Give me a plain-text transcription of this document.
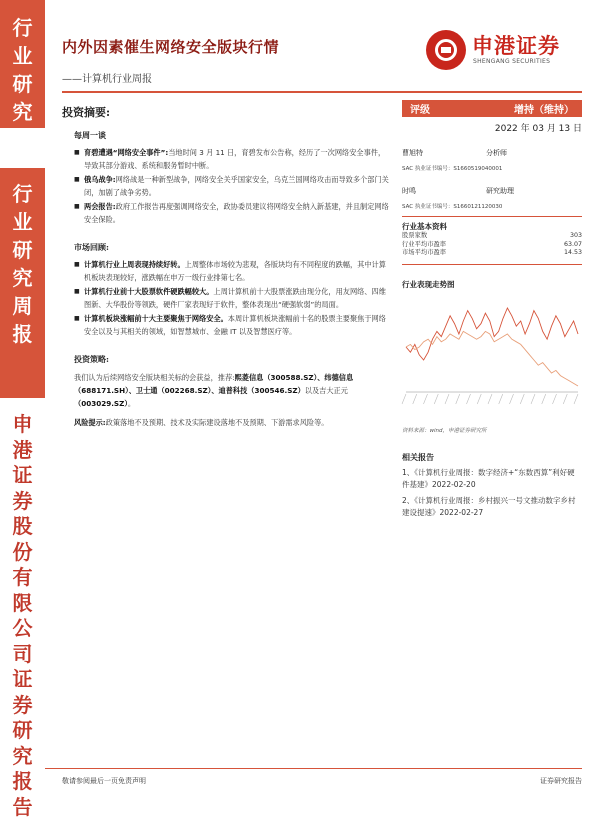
行
业
研
究
行
业
研
究
周
报
申
港
证
券
股
份
有
限
公
司
证
券
研
究
报
告
内外因素催生网络安全版块行情
——计算机行业周报
申港证券
SHENGANG SECURITIES
投资摘要:
每周一谈
■ 育碧遭遇“网络安全事件”:当地时间 3 月 11 日，育碧发布公告称，经历了一次网络安全事件，导致其部分游戏、系统和服务暂时中断。
■ 俄乌战争:网络战是一种新型战争，网络安全关乎国家安全，乌克兰国网络攻击而导致多个部门关闭，加剧了战争劣势。
■ 两会报告:政府工作报告再度强调网络安全，政协委员建议将网络安全纳入新基建，并且制定网络安全保险。
市场回顾:
■ 计算机行业上周表现持续好转。上周整体市场较为悲观，各版块均有不同程度的跌幅，其中计算机板块表现较好，涨跌幅在申万一级行业排第七名。
■ 计算机行业前十大股票软件硬跌幅较大。上周计算机前十大股票涨跌由现分化，用友网络、四维图新、大华股份等领跌，硬件厂家表现好于软件，整体表现出“硬强软弱”的局面。
■ 计算机板块涨幅前十大主要聚焦于网络安全。本周计算机板块涨幅前十名的股票主要聚焦于网络安全以及与其相关的领域，如智慧城市、金融 IT 以及智慧医疗等。
投资策略:

我们认为后续网络安全版块相关标的会获益，推荐:熙菱信息（300588.SZ）、纬德信息（688171.SH）、卫士通（002268.SZ）、迪普科技（300546.SZ）以及吉大正元（003029.SZ）。

风险提示:政策落地不及预期、技术及实际建设落地不及预期、下游需求风险等。

评级	增持（维持）
2022 年 03 月 13 日
曹旭特	分析师
SAC 执业证书编号：S1660519040001
时鸣	研究助理
SAC 执业证书编号：S1660121120030
行业基本资料
股票家数	303
行业平均市盈率	63.07
市场平均市盈率	14.53
行业表现走势图
资料来源：wind，申港证券研究所
相关报告
1、《计算机行业周报：数字经济+“东数西算”利好硬件基建》2022-02-20
2、《计算机行业周报：乡村振兴一号文推动数字乡村建设提速》2022-02-27
敬请参阅最后一页免责声明	证券研究报告
